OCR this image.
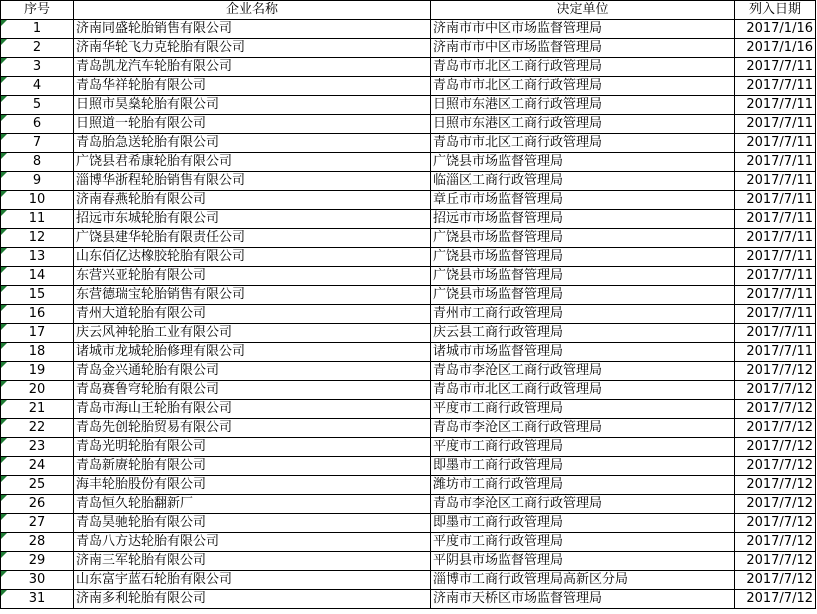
序号	企业名称	决定单位	列入日期
1	济南同盛轮胎销售有限公司	济南市市中区市场监督管理局	2017/1/16
2	济南华轮飞力克轮胎有限公司	济南市市中区市场监督管理局	2017/1/16
3	青岛凯龙汽车轮胎有限公司	青岛市市北区工商行政管理局	2017/7/11
4	青岛华祥轮胎有限公司	青岛市市北区工商行政管理局	2017/7/11
5	日照市昊燊轮胎有限公司	日照市东港区工商行政管理局	2017/7/11
6	日照道一轮胎有限公司	日照市东港区工商行政管理局	2017/7/11
7	青岛胎急送轮胎有限公司	青岛市市北区工商行政管理局	2017/7/11
8	广饶县君希康轮胎有限公司	广饶县市场监督管理局	2017/7/11
9	淄博华浙程轮胎销售有限公司	临淄区工商行政管理局	2017/7/11
10	济南春燕轮胎有限公司	章丘市市场监督管理局	2017/7/11
11	招远市东城轮胎有限公司	招远市市场监督管理局	2017/7/11
12	广饶县建华轮胎有限责任公司	广饶县市场监督管理局	2017/7/11
13	山东佰亿达橡胶轮胎有限公司	广饶县市场监督管理局	2017/7/11
14	东营兴亚轮胎有限公司	广饶县市场监督管理局	2017/7/11
15	东营德瑞宝轮胎销售有限公司	广饶县市场监督管理局	2017/7/11
16	青州大道轮胎有限公司	青州市工商行政管理局	2017/7/11
17	庆云风神轮胎工业有限公司	庆云县工商行政管理局	2017/7/11
18	诸城市龙城轮胎修理有限公司	诸城市市场监督管理局	2017/7/11
19	青岛金兴通轮胎有限公司	青岛市李沧区工商行政管理局	2017/7/12
20	青岛赛鲁穹轮胎有限公司	青岛市市北区工商行政管理局	2017/7/12
21	青岛市海山王轮胎有限公司	平度市工商行政管理局	2017/7/12
22	青岛先创轮胎贸易有限公司	青岛市李沧区工商行政管理局	2017/7/12
23	青岛光明轮胎有限公司	平度市工商行政管理局	2017/7/12
24	青岛新赓轮胎有限公司	即墨市工商行政管理局	2017/7/12
25	海丰轮胎股份有限公司	潍坊市工商行政管理局	2017/7/12
26	青岛恒久轮胎翻新厂	青岛市李沧区工商行政管理局	2017/7/12
27	青岛昊驰轮胎有限公司	即墨市工商行政管理局	2017/7/12
28	青岛八方达轮胎有限公司	平度市工商行政管理局	2017/7/12
29	济南三军轮胎有限公司	平阴县市场监督管理局	2017/7/12
30	山东富宇蓝石轮胎有限公司	淄博市工商行政管理局高新区分局	2017/7/12
31	济南多利轮胎有限公司	济南市天桥区市场监督管理局	2017/7/12
